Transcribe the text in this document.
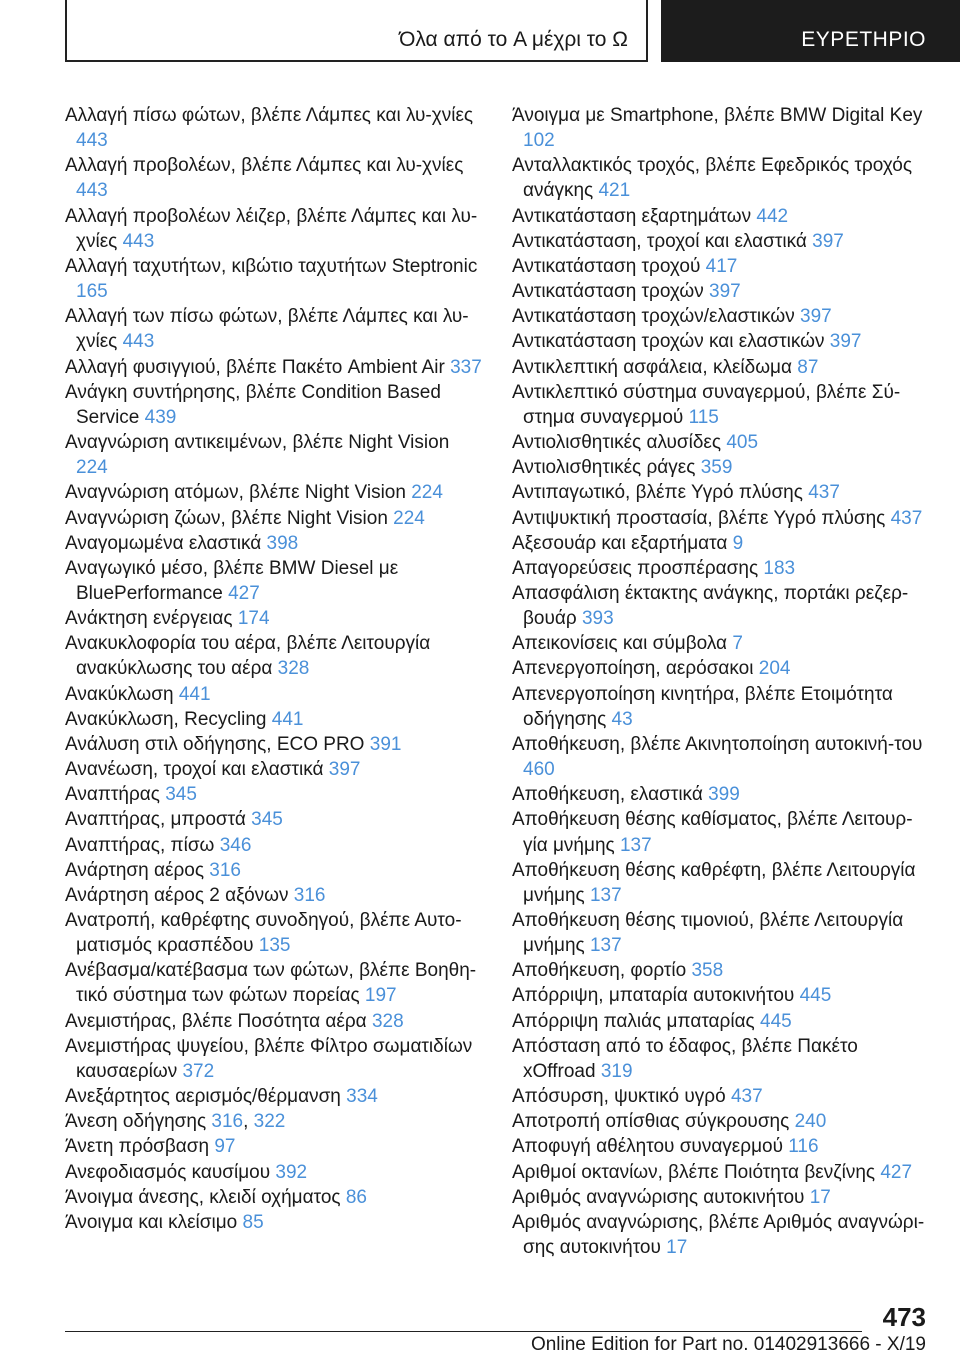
Όλα από το A μέχρι το Ω	ΕΥΡΕΤΗΡΙΟ
Αλλαγή πίσω φώτων, βλέπε Λάμπες και λυ‐χνίες 443
Αλλαγή προβολέων, βλέπε Λάμπες και λυ‐χνίες 443
Αλλαγή προβολέων λέιζερ, βλέπε Λάμπες και λυ‐χνίες 443
Αλλαγή ταχυτήτων, κιβώτιο ταχυτήτων Steptronic 165
Αλλαγή των πίσω φώτων, βλέπε Λάμπες και λυ‐χνίες 443
Αλλαγή φυσιγγιού, βλέπε Πακέτο Ambient Air 337
Ανάγκη συντήρησης, βλέπε Condition Based Service 439
Αναγνώριση αντικειμένων, βλέπε Night Vision 224
Αναγνώριση ατόμων, βλέπε Night Vision 224
Αναγνώριση ζώων, βλέπε Night Vision 224
Αναγομωμένα ελαστικά 398
Αναγωγικό μέσο, βλέπε BMW Diesel με BluePerformance 427
Ανάκτηση ενέργειας 174
Ανακυκλοφορία του αέρα, βλέπε Λειτουργία ανακύκλωσης του αέρα 328
Ανακύκλωση 441
Ανακύκλωση, Recycling 441
Ανάλυση στιλ οδήγησης, ECO PRO 391
Ανανέωση, τροχοί και ελαστικά 397
Αναπτήρας 345
Αναπτήρας, μπροστά 345
Αναπτήρας, πίσω 346
Ανάρτηση αέρος 316
Ανάρτηση αέρος 2 αξόνων 316
Ανατροπή, καθρέφτης συνοδηγού, βλέπε Αυτο‐ματισμός κρασπέδου 135
Ανέβασμα/κατέβασμα των φώτων, βλέπε Βοηθη‐τικό σύστημα των φώτων πορείας 197
Ανεμιστήρας, βλέπε Ποσότητα αέρα 328
Ανεμιστήρας ψυγείου, βλέπε Φίλτρο σωματιδίων καυσαερίων 372
Ανεξάρτητος αερισμός/θέρμανση 334
Άνεση οδήγησης 316, 322
Άνετη πρόσβαση 97
Ανεφοδιασμός καυσίμου 392
Άνοιγμα άνεσης, κλειδί οχήματος 86
Άνοιγμα και κλείσιμο 85
Άνοιγμα με Smartphone, βλέπε BMW Digital Key 102
Ανταλλακτικός τροχός, βλέπε Εφεδρικός τροχός ανάγκης 421
Αντικατάσταση εξαρτημάτων 442
Αντικατάσταση, τροχοί και ελαστικά 397
Αντικατάσταση τροχού 417
Αντικατάσταση τροχών 397
Αντικατάσταση τροχών/ελαστικών 397
Αντικατάσταση τροχών και ελαστικών 397
Αντικλεπτική ασφάλεια, κλείδωμα 87
Αντικλεπτικό σύστημα συναγερμού, βλέπε Σύ‐στημα συναγερμού 115
Αντιολισθητικές αλυσίδες 405
Αντιολισθητικές ράγες 359
Αντιπαγωτικό, βλέπε Υγρό πλύσης 437
Αντιψυκτική προστασία, βλέπε Υγρό πλύσης 437
Αξεσουάρ και εξαρτήματα 9
Απαγορεύσεις προσπέρασης 183
Απασφάλιση έκτακτης ανάγκης, πορτάκι ρεζερ‐βουάρ 393
Απεικονίσεις και σύμβολα 7
Απενεργοποίηση, αερόσακοι 204
Απενεργοποίηση κινητήρα, βλέπε Ετοιμότητα οδήγησης 43
Αποθήκευση, βλέπε Ακινητοποίηση αυτοκινή‐του 460
Αποθήκευση, ελαστικά 399
Αποθήκευση θέσης καθίσματος, βλέπε Λειτουρ‐γία μνήμης 137
Αποθήκευση θέσης καθρέφτη, βλέπε Λειτουργία μνήμης 137
Αποθήκευση θέσης τιμονιού, βλέπε Λειτουργία μνήμης 137
Αποθήκευση, φορτίο 358
Απόρριψη, μπαταρία αυτοκινήτου 445
Απόρριψη παλιάς μπαταρίας 445
Απόσταση από το έδαφος, βλέπε Πακέτο xOffroad 319
Απόσυρση, ψυκτικό υγρό 437
Αποτροπή οπίσθιας σύγκρουσης 240
Αποφυγή αθέλητου συναγερμού 116
Αριθμοί οκτανίων, βλέπε Ποιότητα βενζίνης 427
Αριθμός αναγνώρισης αυτοκινήτου 17
Αριθμός αναγνώρισης, βλέπε Αριθμός αναγνώρι‐σης αυτοκινήτου 17
473
Online Edition for Part no. 01402913666 - X/19
